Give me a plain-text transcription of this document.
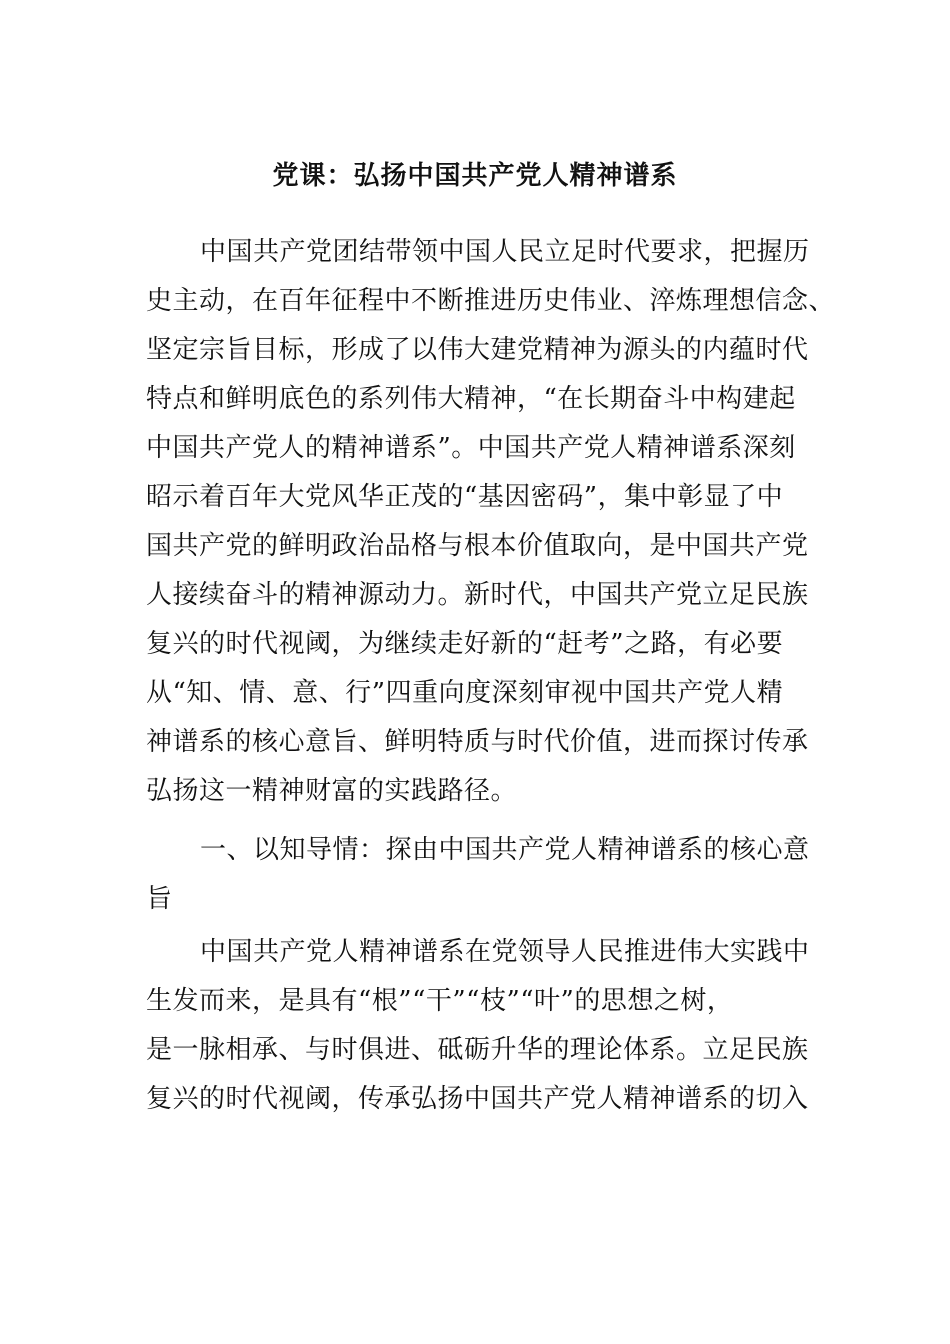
党课：弘扬中国共产党人精神谱系
中国共产党团结带领中国人民立足时代要求，把握历
史主动，在百年征程中不断推进历史伟业、淬炼理想信念、
坚定宗旨目标，形成了以伟大建党精神为源头的内蕴时代
特点和鲜明底色的系列伟大精神，“在长期奋斗中构建起
中国共产党人的精神谱系”。中国共产党人精神谱系深刻
昭示着百年大党风华正茂的“基因密码”，集中彰显了中
国共产党的鲜明政治品格与根本价值取向，是中国共产党
人接续奋斗的精神源动力。新时代，中国共产党立足民族
复兴的时代视阈，为继续走好新的“赶考”之路，有必要
从“知、情、意、行”四重向度深刻审视中国共产党人精
神谱系的核心意旨、鲜明特质与时代价值，进而探讨传承
弘扬这一精神财富的实践路径。
一、以知导情：探由中国共产党人精神谱系的核心意
旨
中国共产党人精神谱系在党领导人民推进伟大实践中
生发而来，是具有“根”“干”“枝”“叶”的思想之树，
是一脉相承、与时俱进、砥砺升华的理论体系。立足民族
复兴的时代视阈，传承弘扬中国共产党人精神谱系的切入
